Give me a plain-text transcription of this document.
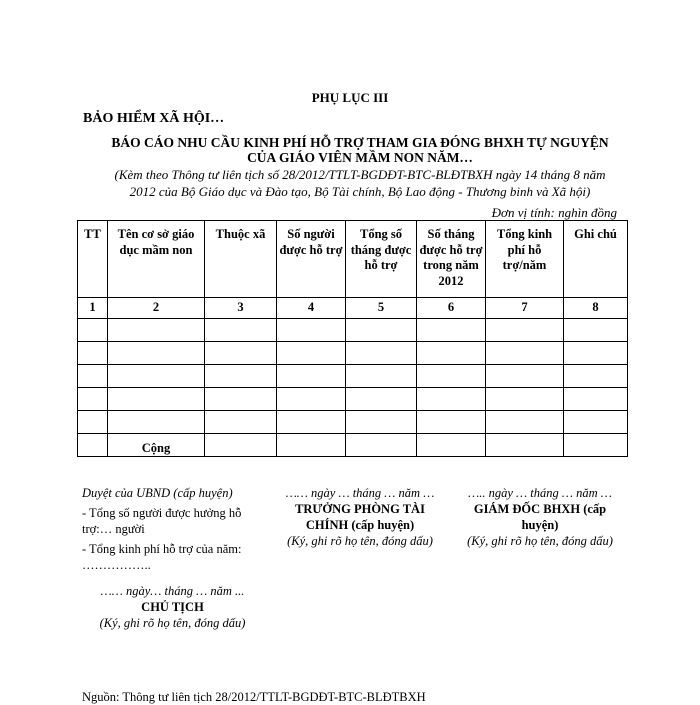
PHỤ LỤC III
BẢO HIỂM XÃ HỘI…
BÁO CÁO NHU CẦU KINH PHÍ HỖ TRỢ THAM GIA ĐÓNG BHXH TỰ NGUYỆN
CỦA GIÁO VIÊN MẦM NON NĂM…
(Kèm theo Thông tư liên tịch số 28/2012/TTLT-BGDĐT-BTC-BLĐTBXH ngày 14 tháng 8 năm
2012 của Bộ Giáo dục và Đào tạo, Bộ Tài chính, Bộ Lao động - Thương binh và Xã hội)
Đơn vị tính: nghìn đồng
TT	Tên cơ sở giáo dục mầm non	Thuộc xã	Số người được hỗ trợ	Tổng số tháng được hỗ trợ	Số tháng được hỗ trợ trong năm 2012	Tổng kinh phí hỗ trợ/năm	Ghi chú
1	2	3	4	5	6	7	8

	Cộng						
Duyệt của UBND (cấp huyện)
- Tổng số người được hưởng hỗ trợ:… người
- Tổng kinh phí hỗ trợ của năm: ……………..
…… ngày… tháng … năm ...
CHỦ TỊCH
(Ký, ghi rõ họ tên, đóng dấu)
…… ngày … tháng … năm …
TRƯỞNG PHÒNG TÀI CHÍNH (cấp huyện)
(Ký, ghi rõ họ tên, đóng dấu)
….. ngày … tháng … năm …
GIÁM ĐỐC BHXH (cấp huyện)
(Ký, ghi rõ họ tên, đóng dấu)
Nguồn: Thông tư liên tịch 28/2012/TTLT-BGDĐT-BTC-BLĐTBXH
